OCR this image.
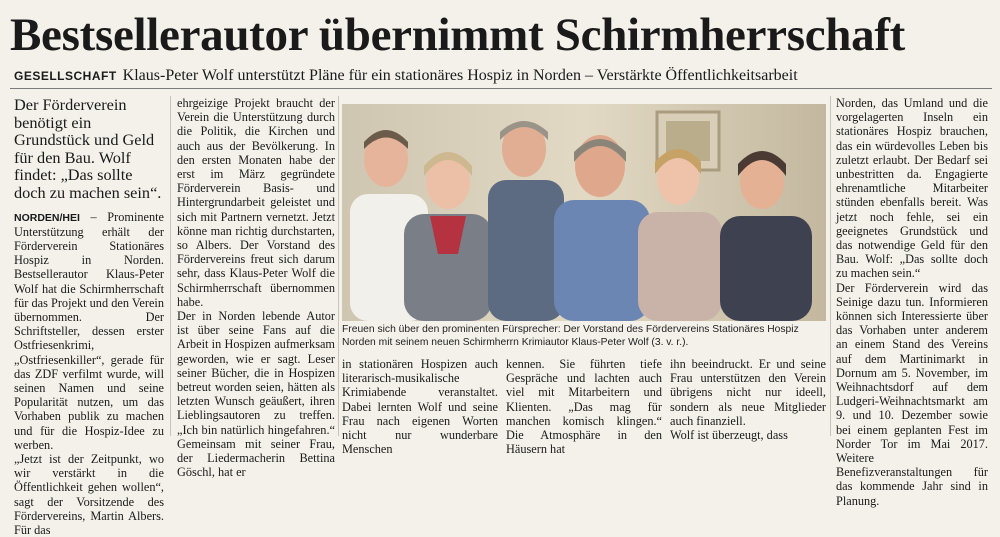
Bestsellerautor übernimmt Schirmherrschaft
GESELLSCHAFT Klaus-Peter Wolf unterstützt Pläne für ein stationäres Hospiz in Norden – Verstärkte Öffentlichkeitsarbeit

Der Förderverein benötigt ein Grundstück und Geld für den Bau. Wolf findet: „Das sollte doch zu machen sein“.

NORDEN/HEI – Prominente Unterstützung erhält der Förderverein Stationäres Hospiz in Norden. Bestsellerautor Klaus-Peter Wolf hat die Schirmherrschaft für das Projekt und den Verein übernommen. Der Schriftsteller, dessen erster Ostfriesenkrimi, „Ostfriesenkiller“, gerade für das ZDF verfilmt wurde, will seinen Namen und seine Popularität nutzen, um das Vorhaben publik zu machen und für die Hospiz-Idee zu werben.

„Jetzt ist der Zeitpunkt, wo wir verstärkt in die Öffentlichkeit gehen wollen“, sagt der Vorsitzende des Fördervereins, Martin Albers. Für das

ehrgeizige Projekt braucht der Verein die Unterstützung durch die Politik, die Kirchen und auch aus der Bevölkerung. In den ersten Monaten habe der erst im März gegründete Förderverein Basis- und Hintergrundarbeit geleistet und sich mit Partnern vernetzt. Jetzt könne man richtig durchstarten, so Albers. Der Vorstand des Fördervereins freut sich darum sehr, dass Klaus-Peter Wolf die Schirmherrschaft übernommen habe.

Der in Norden lebende Autor ist über seine Fans auf die Arbeit in Hospizen aufmerksam geworden, wie er sagt. Leser seiner Bücher, die in Hospizen betreut worden seien, hätten als letzten Wunsch geäußert, ihren Lieblingsautoren zu treffen. „Ich bin natürlich hingefahren.“ Gemeinsam mit seiner Frau, der Liedermacherin Bettina Göschl, hat er

Freuen sich über den prominenten Fürsprecher: Der Vorstand des Fördervereins Stationäres Hospiz Norden mit seinem neuen Schirmherrn Krimiautor Klaus-Peter Wolf (3. v. r.).

in stationären Hospizen auch literarisch-musikalische Krimiabende veranstaltet. Dabei lernten Wolf und seine Frau nach eigenen Worten nicht nur wunderbare Menschen

kennen. Sie führten tiefe Gespräche und lachten auch viel mit Mitarbeitern und Klienten. „Das mag für manchen komisch klingen.“ Die Atmosphäre in den Häusern hat

ihn beeindruckt. Er und seine Frau unterstützen den Verein übrigens nicht nur ideell, sondern als neue Mitglieder auch finanziell.

Wolf ist überzeugt, dass

Norden, das Umland und die vorgelagerten Inseln ein stationäres Hospiz brauchen, das ein würdevolles Leben bis zuletzt erlaubt. Der Bedarf sei unbestritten da. Engagierte ehrenamtliche Mitarbeiter stünden ebenfalls bereit. Was jetzt noch fehle, sei ein geeignetes Grundstück und das notwendige Geld für den Bau. Wolf: „Das sollte doch zu machen sein.“

Der Förderverein wird das Seinige dazu tun. Informieren können sich Interessierte über das Vorhaben unter anderem an einem Stand des Vereins auf dem Martinimarkt in Dornum am 5. November, im Weihnachtsdorf auf dem Ludgeri-Weihnachtsmarkt am 9. und 10. Dezember sowie bei einem geplanten Fest im Norder Tor im Mai 2017. Weitere Benefizveranstaltungen für das kommende Jahr sind in Planung.
